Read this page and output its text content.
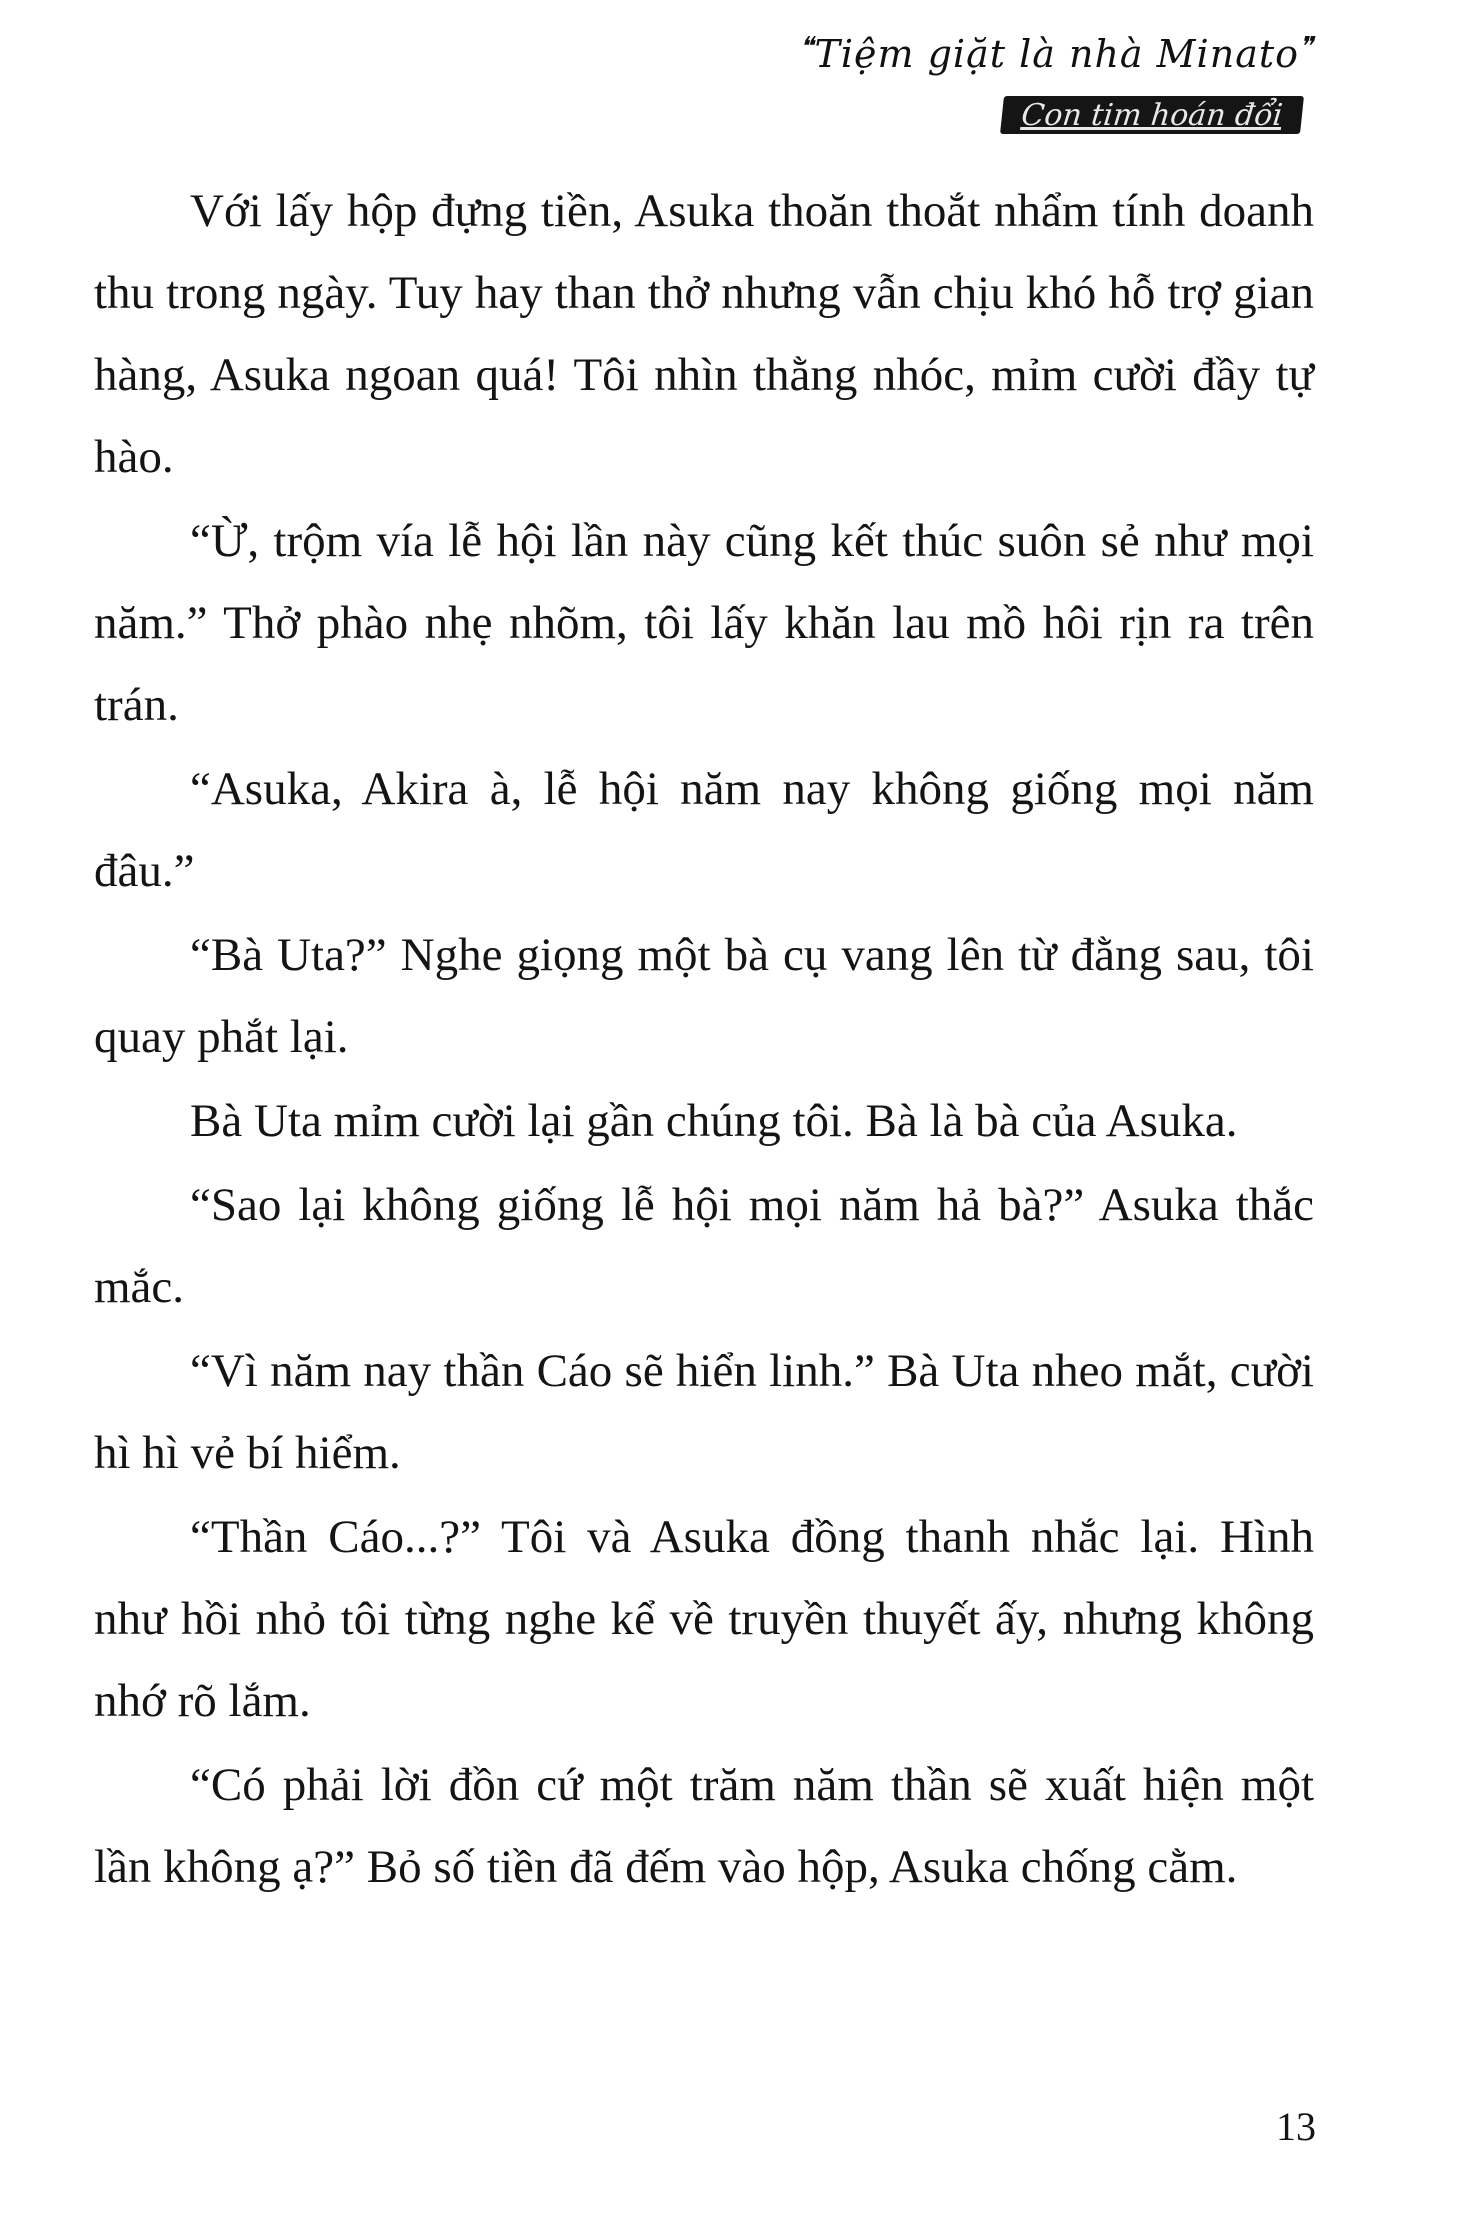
❝Tiệm giặt là nhà Minato❞
Con tim hoán đổi

Với lấy hộp đựng tiền, Asuka thoăn thoắt nhẩm tính doanh thu trong ngày. Tuy hay than thở nhưng vẫn chịu khó hỗ trợ gian hàng, Asuka ngoan quá! Tôi nhìn thằng nhóc, mỉm cười đầy tự hào.

“Ừ, trộm vía lễ hội lần này cũng kết thúc suôn sẻ như mọi năm.” Thở phào nhẹ nhõm, tôi lấy khăn lau mồ hôi rịn ra trên trán.

“Asuka, Akira à, lễ hội năm nay không giống mọi năm đâu.”

“Bà Uta?” Nghe giọng một bà cụ vang lên từ đằng sau, tôi quay phắt lại.

Bà Uta mỉm cười lại gần chúng tôi. Bà là bà của Asuka.

“Sao lại không giống lễ hội mọi năm hả bà?” Asuka thắc mắc.

“Vì năm nay thần Cáo sẽ hiển linh.” Bà Uta nheo mắt, cười hì hì vẻ bí hiểm.

“Thần Cáo...?” Tôi và Asuka đồng thanh nhắc lại. Hình như hồi nhỏ tôi từng nghe kể về truyền thuyết ấy, nhưng không nhớ rõ lắm.

“Có phải lời đồn cứ một trăm năm thần sẽ xuất hiện một lần không ạ?” Bỏ số tiền đã đếm vào hộp, Asuka chống cằm.

13
